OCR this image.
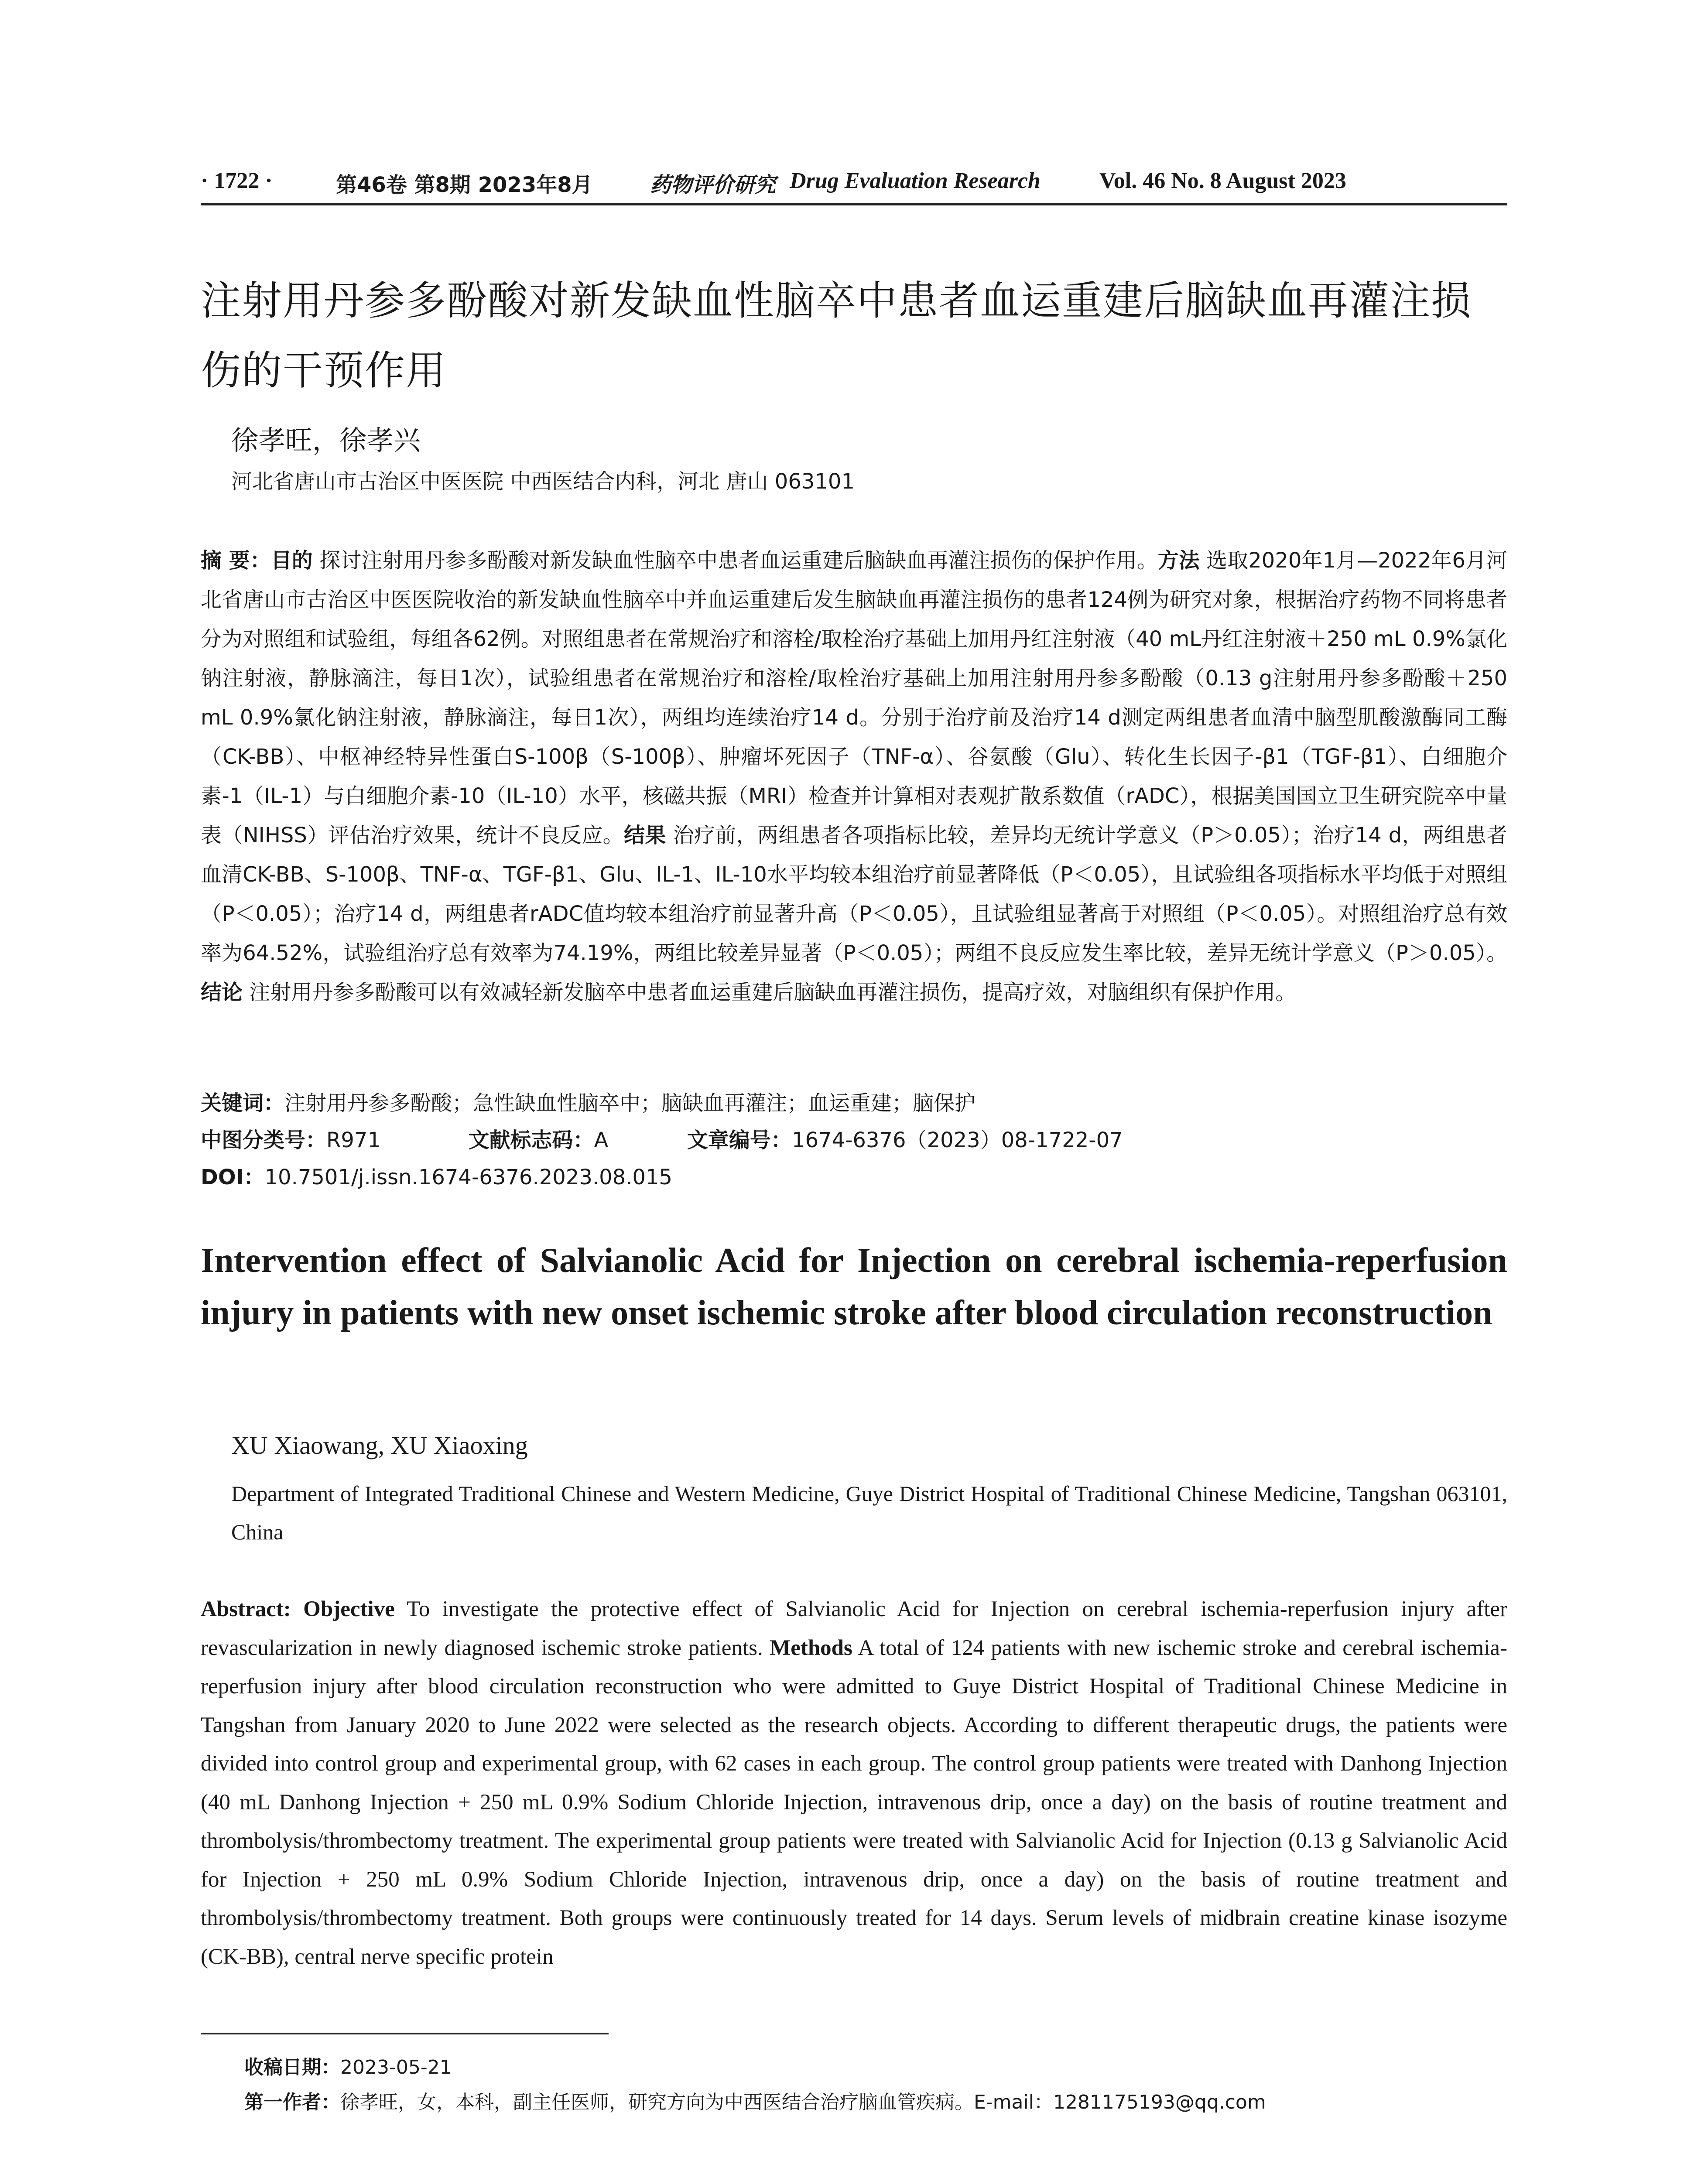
· 1722 ·	第46卷 第8期 2023年8月	药物评价研究 Drug Evaluation Research	Vol. 46 No. 8 August 2023
注射用丹参多酚酸对新发缺血性脑卒中患者血运重建后脑缺血再灌注损伤的干预作用
徐孝旺，徐孝兴
河北省唐山市古治区中医医院 中西医结合内科，河北 唐山 063101
摘 要：目的 探讨注射用丹参多酚酸对新发缺血性脑卒中患者血运重建后脑缺血再灌注损伤的保护作用。方法 选取2020年1月—2022年6月河北省唐山市古治区中医医院收治的新发缺血性脑卒中并血运重建后发生脑缺血再灌注损伤的患者124例为研究对象，根据治疗药物不同将患者分为对照组和试验组，每组各62例。对照组患者在常规治疗和溶栓/取栓治疗基础上加用丹红注射液（40 mL丹红注射液＋250 mL 0.9%氯化钠注射液，静脉滴注，每日1次），试验组患者在常规治疗和溶栓/取栓治疗基础上加用注射用丹参多酚酸（0.13 g注射用丹参多酚酸＋250 mL 0.9%氯化钠注射液，静脉滴注，每日1次），两组均连续治疗14 d。分别于治疗前及治疗14 d测定两组患者血清中脑型肌酸激酶同工酶（CK-BB）、中枢神经特异性蛋白S-100β（S-100β）、肿瘤坏死因子（TNF-α）、谷氨酸（Glu）、转化生长因子-β1（TGF-β1）、白细胞介素-1（IL-1）与白细胞介素-10（IL-10）水平，核磁共振（MRI）检查并计算相对表观扩散系数值（rADC），根据美国国立卫生研究院卒中量表（NIHSS）评估治疗效果，统计不良反应。结果 治疗前，两组患者各项指标比较，差异均无统计学意义（P＞0.05）；治疗14 d，两组患者血清CK-BB、S-100β、TNF-α、TGF-β1、Glu、IL-1、IL-10水平均较本组治疗前显著降低（P＜0.05），且试验组各项指标水平均低于对照组（P＜0.05）；治疗14 d，两组患者rADC值均较本组治疗前显著升高（P＜0.05），且试验组显著高于对照组（P＜0.05）。对照组治疗总有效率为64.52%，试验组治疗总有效率为74.19%，两组比较差异显著（P＜0.05）；两组不良反应发生率比较，差异无统计学意义（P＞0.05）。结论 注射用丹参多酚酸可以有效减轻新发脑卒中患者血运重建后脑缺血再灌注损伤，提高疗效，对脑组织有保护作用。
关键词：注射用丹参多酚酸；急性缺血性脑卒中；脑缺血再灌注；血运重建；脑保护
中图分类号：R971	文献标志码：A	文章编号：1674-6376（2023）08-1722-07
DOI：10.7501/j.issn.1674-6376.2023.08.015
Intervention effect of Salvianolic Acid for Injection on cerebral ischemia-reperfusion injury in patients with new onset ischemic stroke after blood circulation reconstruction
XU Xiaowang, XU Xiaoxing
Department of Integrated Traditional Chinese and Western Medicine, Guye District Hospital of Traditional Chinese Medicine, Tangshan 063101, China
Abstract: Objective To investigate the protective effect of Salvianolic Acid for Injection on cerebral ischemia-reperfusion injury after revascularization in newly diagnosed ischemic stroke patients. Methods A total of 124 patients with new ischemic stroke and cerebral ischemia-reperfusion injury after blood circulation reconstruction who were admitted to Guye District Hospital of Traditional Chinese Medicine in Tangshan from January 2020 to June 2022 were selected as the research objects. According to different therapeutic drugs, the patients were divided into control group and experimental group, with 62 cases in each group. The control group patients were treated with Danhong Injection (40 mL Danhong Injection + 250 mL 0.9% Sodium Chloride Injection, intravenous drip, once a day) on the basis of routine treatment and thrombolysis/thrombectomy treatment. The experimental group patients were treated with Salvianolic Acid for Injection (0.13 g Salvianolic Acid for Injection + 250 mL 0.9% Sodium Chloride Injection, intravenous drip, once a day) on the basis of routine treatment and thrombolysis/thrombectomy treatment. Both groups were continuously treated for 14 days. Serum levels of midbrain creatine kinase isozyme (CK-BB), central nerve specific protein
收稿日期：2023-05-21
第一作者：徐孝旺，女，本科，副主任医师，研究方向为中西医结合治疗脑血管疾病。E-mail：1281175193@qq.com
